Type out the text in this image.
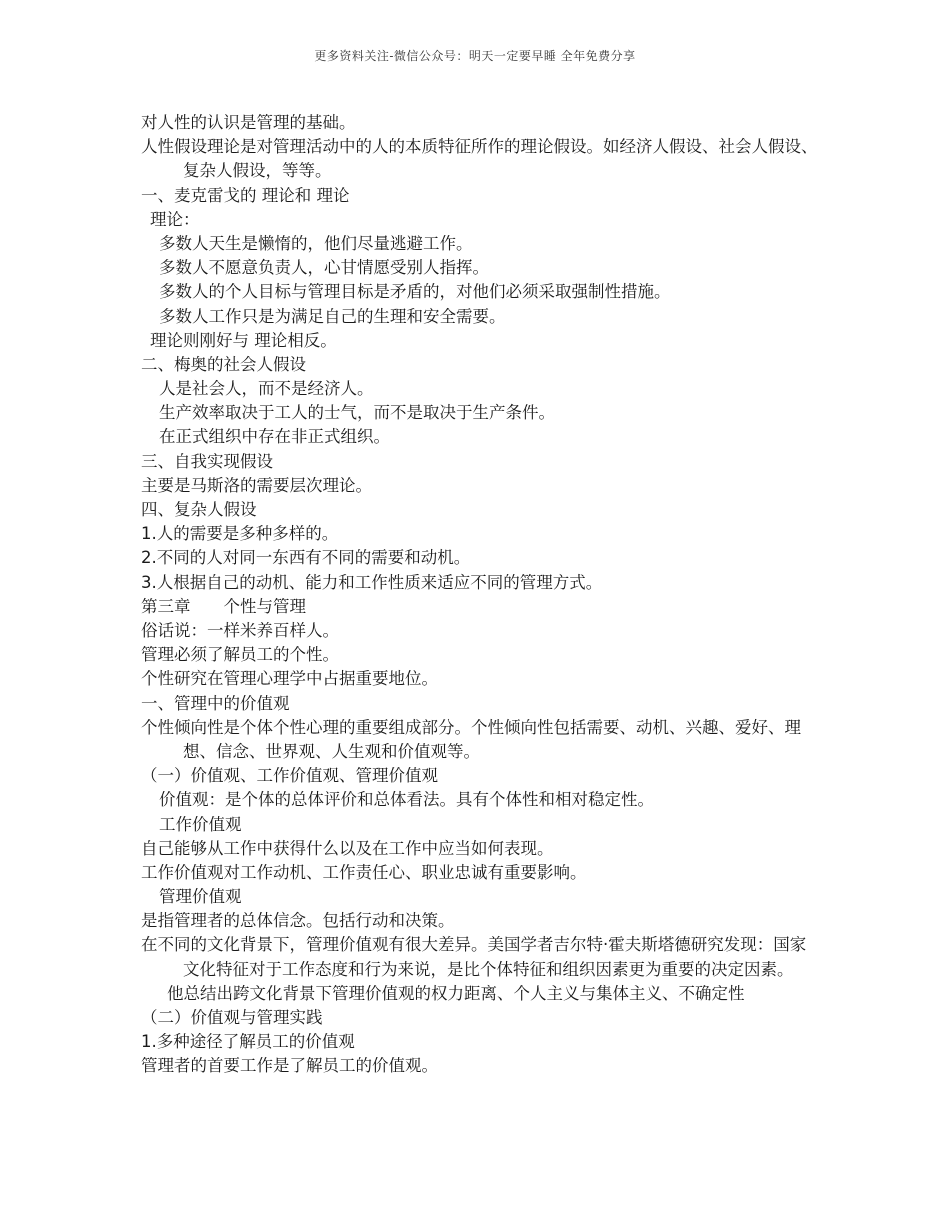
更多资料关注-微信公众号：明天一定要早睡 全年免费分享
对人性的认识是管理的基础。
人性假设理论是对管理活动中的人的本质特征所作的理论假设。如经济人假设、社会人假设、复杂人假设，等等。
一、麦克雷戈的 理论和 理论
理论：
多数人天生是懒惰的，他们尽量逃避工作。
多数人不愿意负责人，心甘情愿受别人指挥。
多数人的个人目标与管理目标是矛盾的，对他们必须采取强制性措施。
多数人工作只是为满足自己的生理和安全需要。
理论则刚好与 理论相反。
二、梅奥的社会人假设
人是社会人，而不是经济人。
生产效率取决于工人的士气，而不是取决于生产条件。
在正式组织中存在非正式组织。
三、自我实现假设
主要是马斯洛的需要层次理论。
四、复杂人假设
1.人的需要是多种多样的。
2.不同的人对同一东西有不同的需要和动机。
3.人根据自己的动机、能力和工作性质来适应不同的管理方式。
第三章　　个性与管理
俗话说：一样米养百样人。
管理必须了解员工的个性。
个性研究在管理心理学中占据重要地位。
一、管理中的价值观
个性倾向性是个体个性心理的重要组成部分。个性倾向性包括需要、动机、兴趣、爱好、理想、信念、世界观、人生观和价值观等。
（一）价值观、工作价值观、管理价值观
价值观：是个体的总体评价和总体看法。具有个体性和相对稳定性。
工作价值观
自己能够从工作中获得什么以及在工作中应当如何表现。
工作价值观对工作动机、工作责任心、职业忠诚有重要影响。
管理价值观
是指管理者的总体信念。包括行动和决策。
在不同的文化背景下，管理价值观有很大差异。美国学者吉尔特·霍夫斯塔德研究发现：国家文化特征对于工作态度和行为来说，是比个体特征和组织因素更为重要的决定因素。
他总结出跨文化背景下管理价值观的权力距离、个人主义与集体主义、不确定性
（二）价值观与管理实践
1.多种途径了解员工的价值观
管理者的首要工作是了解员工的价值观。
